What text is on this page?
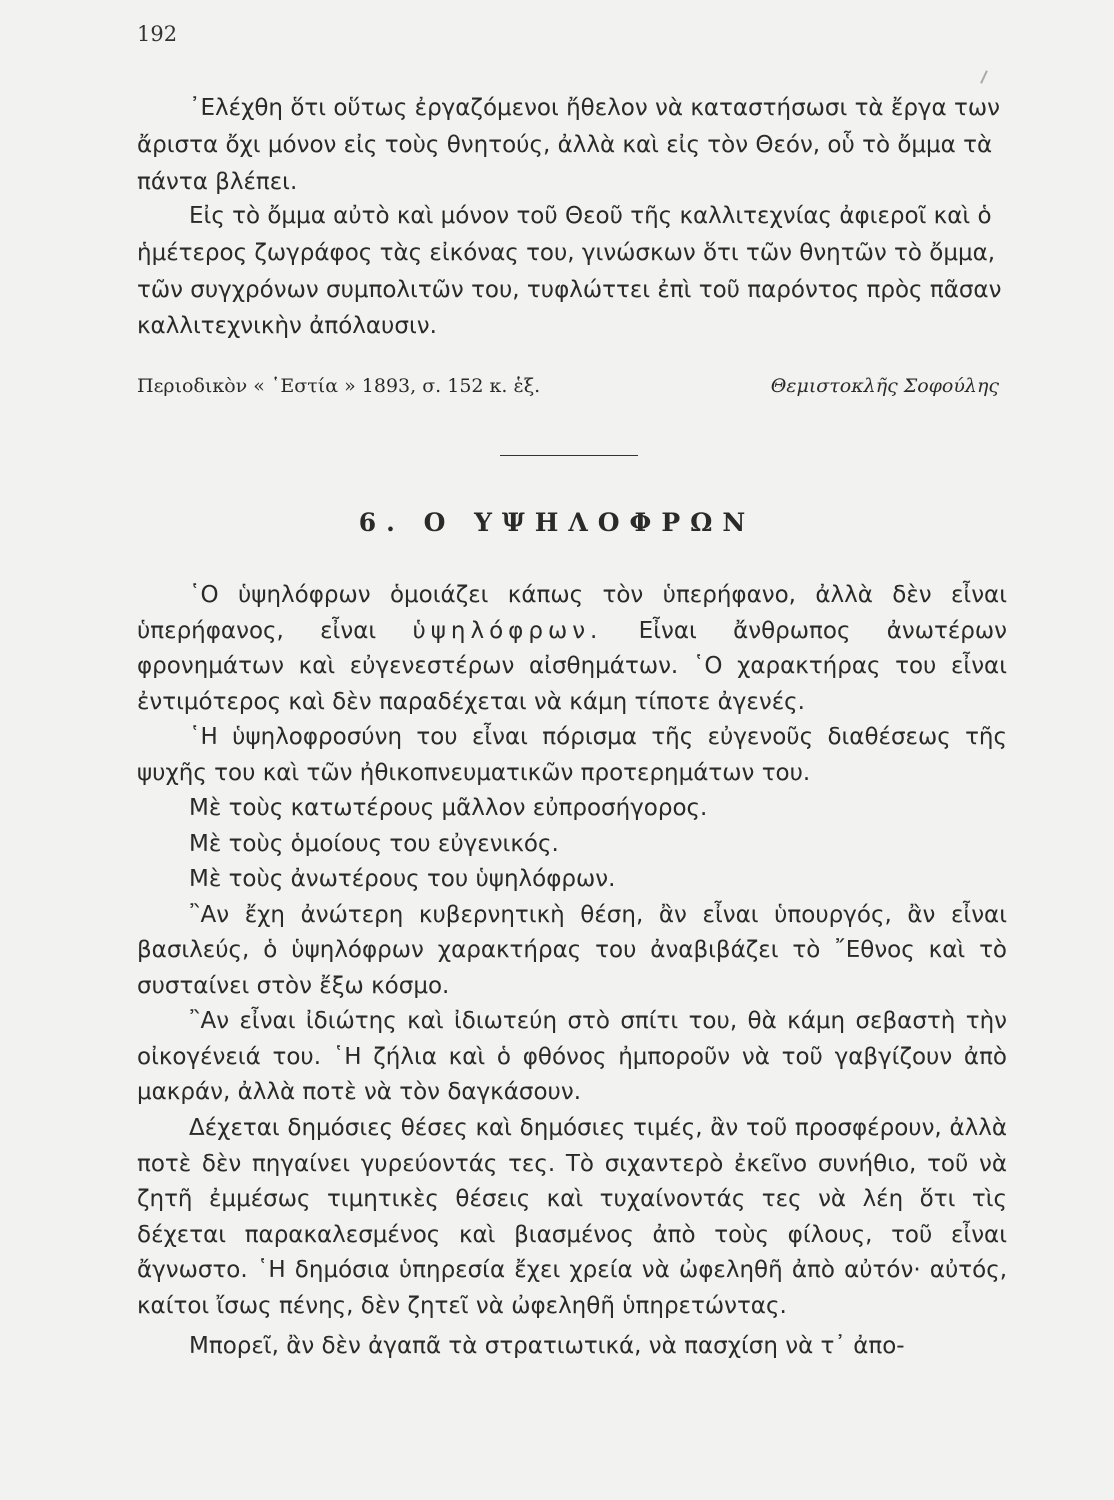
192

᾿Ελέχθη ὅτι οὕτως ἐργαζόμενοι ἤθελον νὰ καταστήσωσι τὰ ἔργα των ἄριστα ὄχι μόνον εἰς τοὺς θνητούς, ἀλλὰ καὶ εἰς τὸν Θεόν, οὗ τὸ ὄμμα τὰ πάντα βλέπει.

Εἰς τὸ ὄμμα αὐτὸ καὶ μόνον τοῦ Θεοῦ τῆς καλλιτεχνίας ἀφιεροῖ καὶ ὁ ἡμέτερος ζωγράφος τὰς εἰκόνας του, γινώσκων ὅτι τῶν θνητῶν τὸ ὄμμα, τῶν συγχρόνων συμπολιτῶν του, τυφλώττει ἐπὶ τοῦ παρόντος πρὸς πᾶσαν καλλιτεχνικὴν ἀπόλαυσιν.

Περιοδικὸν « ῾Εστία » 1893, σ. 152 κ. ἑξ.	Θεμιστοκλῆς Σοφούλης
6. Ο ΥΨΗΛΟΦΡΩΝ

῾Ο ὑψηλόφρων ὁμοιάζει κάπως τὸν ὑπερήφανο, ἀλλὰ δὲν εἶναι ὑπερήφανος, εἶναι ὑψηλόφρων. Εἶναι ἄνθρωπος ἀνωτέρων φρονημάτων καὶ εὐγενεστέρων αἰσθημάτων. ῾Ο χαρακτήρας του εἶναι ἐντιμότερος καὶ δὲν παραδέχεται νὰ κάμη τίποτε ἀγενές.

῾Η ὑψηλοφροσύνη του εἶναι πόρισμα τῆς εὐγενοῦς διαθέσεως τῆς ψυχῆς του καὶ τῶν ἠθικοπνευματικῶν προτερημάτων του.

Μὲ τοὺς κατωτέρους μᾶλλον εὐπροσήγορος.

Μὲ τοὺς ὁμοίους του εὐγενικός.

Μὲ τοὺς ἀνωτέρους του ὑψηλόφρων.

῍Αν ἔχη ἀνώτερη κυβερνητικὴ θέση, ἂν εἶναι ὑπουργός, ἂν εἶναι βασιλεύς, ὁ ὑψηλόφρων χαρακτήρας του ἀναβιβάζει τὸ ῎Εθνος καὶ τὸ συσταίνει στὸν ἔξω κόσμο.

῍Αν εἶναι ἰδιώτης καὶ ἰδιωτεύη στὸ σπίτι του, θὰ κάμη σεβαστὴ τὴν οἰκογένειά του. ῾Η ζήλια καὶ ὁ φθόνος ἠμποροῦν νὰ τοῦ γαβγίζουν ἀπὸ μακράν, ἀλλὰ ποτὲ νὰ τὸν δαγκάσουν.

Δέχεται δημόσιες θέσες καὶ δημόσιες τιμές, ἂν τοῦ προσφέρουν, ἀλλὰ ποτὲ δὲν πηγαίνει γυρεύοντάς τες. Τὸ σιχαντερὸ ἐκεῖνο συνήθιο, τοῦ νὰ ζητῆ ἐμμέσως τιμητικὲς θέσεις καὶ τυχαίνοντάς τες νὰ λέη ὅτι τὶς δέχεται παρακαλεσμένος καὶ βιασμένος ἀπὸ τοὺς φίλους, τοῦ εἶναι ἄγνωστο. ῾Η δημόσια ὑπηρεσία ἔχει χρεία νὰ ὠφεληθῆ ἀπὸ αὐτόν· αὐτός, καίτοι ἴσως πένης, δὲν ζητεῖ νὰ ὠφεληθῆ ὑπηρετώντας.

Μπορεῖ, ἂν δὲν ἀγαπᾶ τὰ στρατιωτικά, νὰ πασχίση νὰ τ᾿ ἀπο-
